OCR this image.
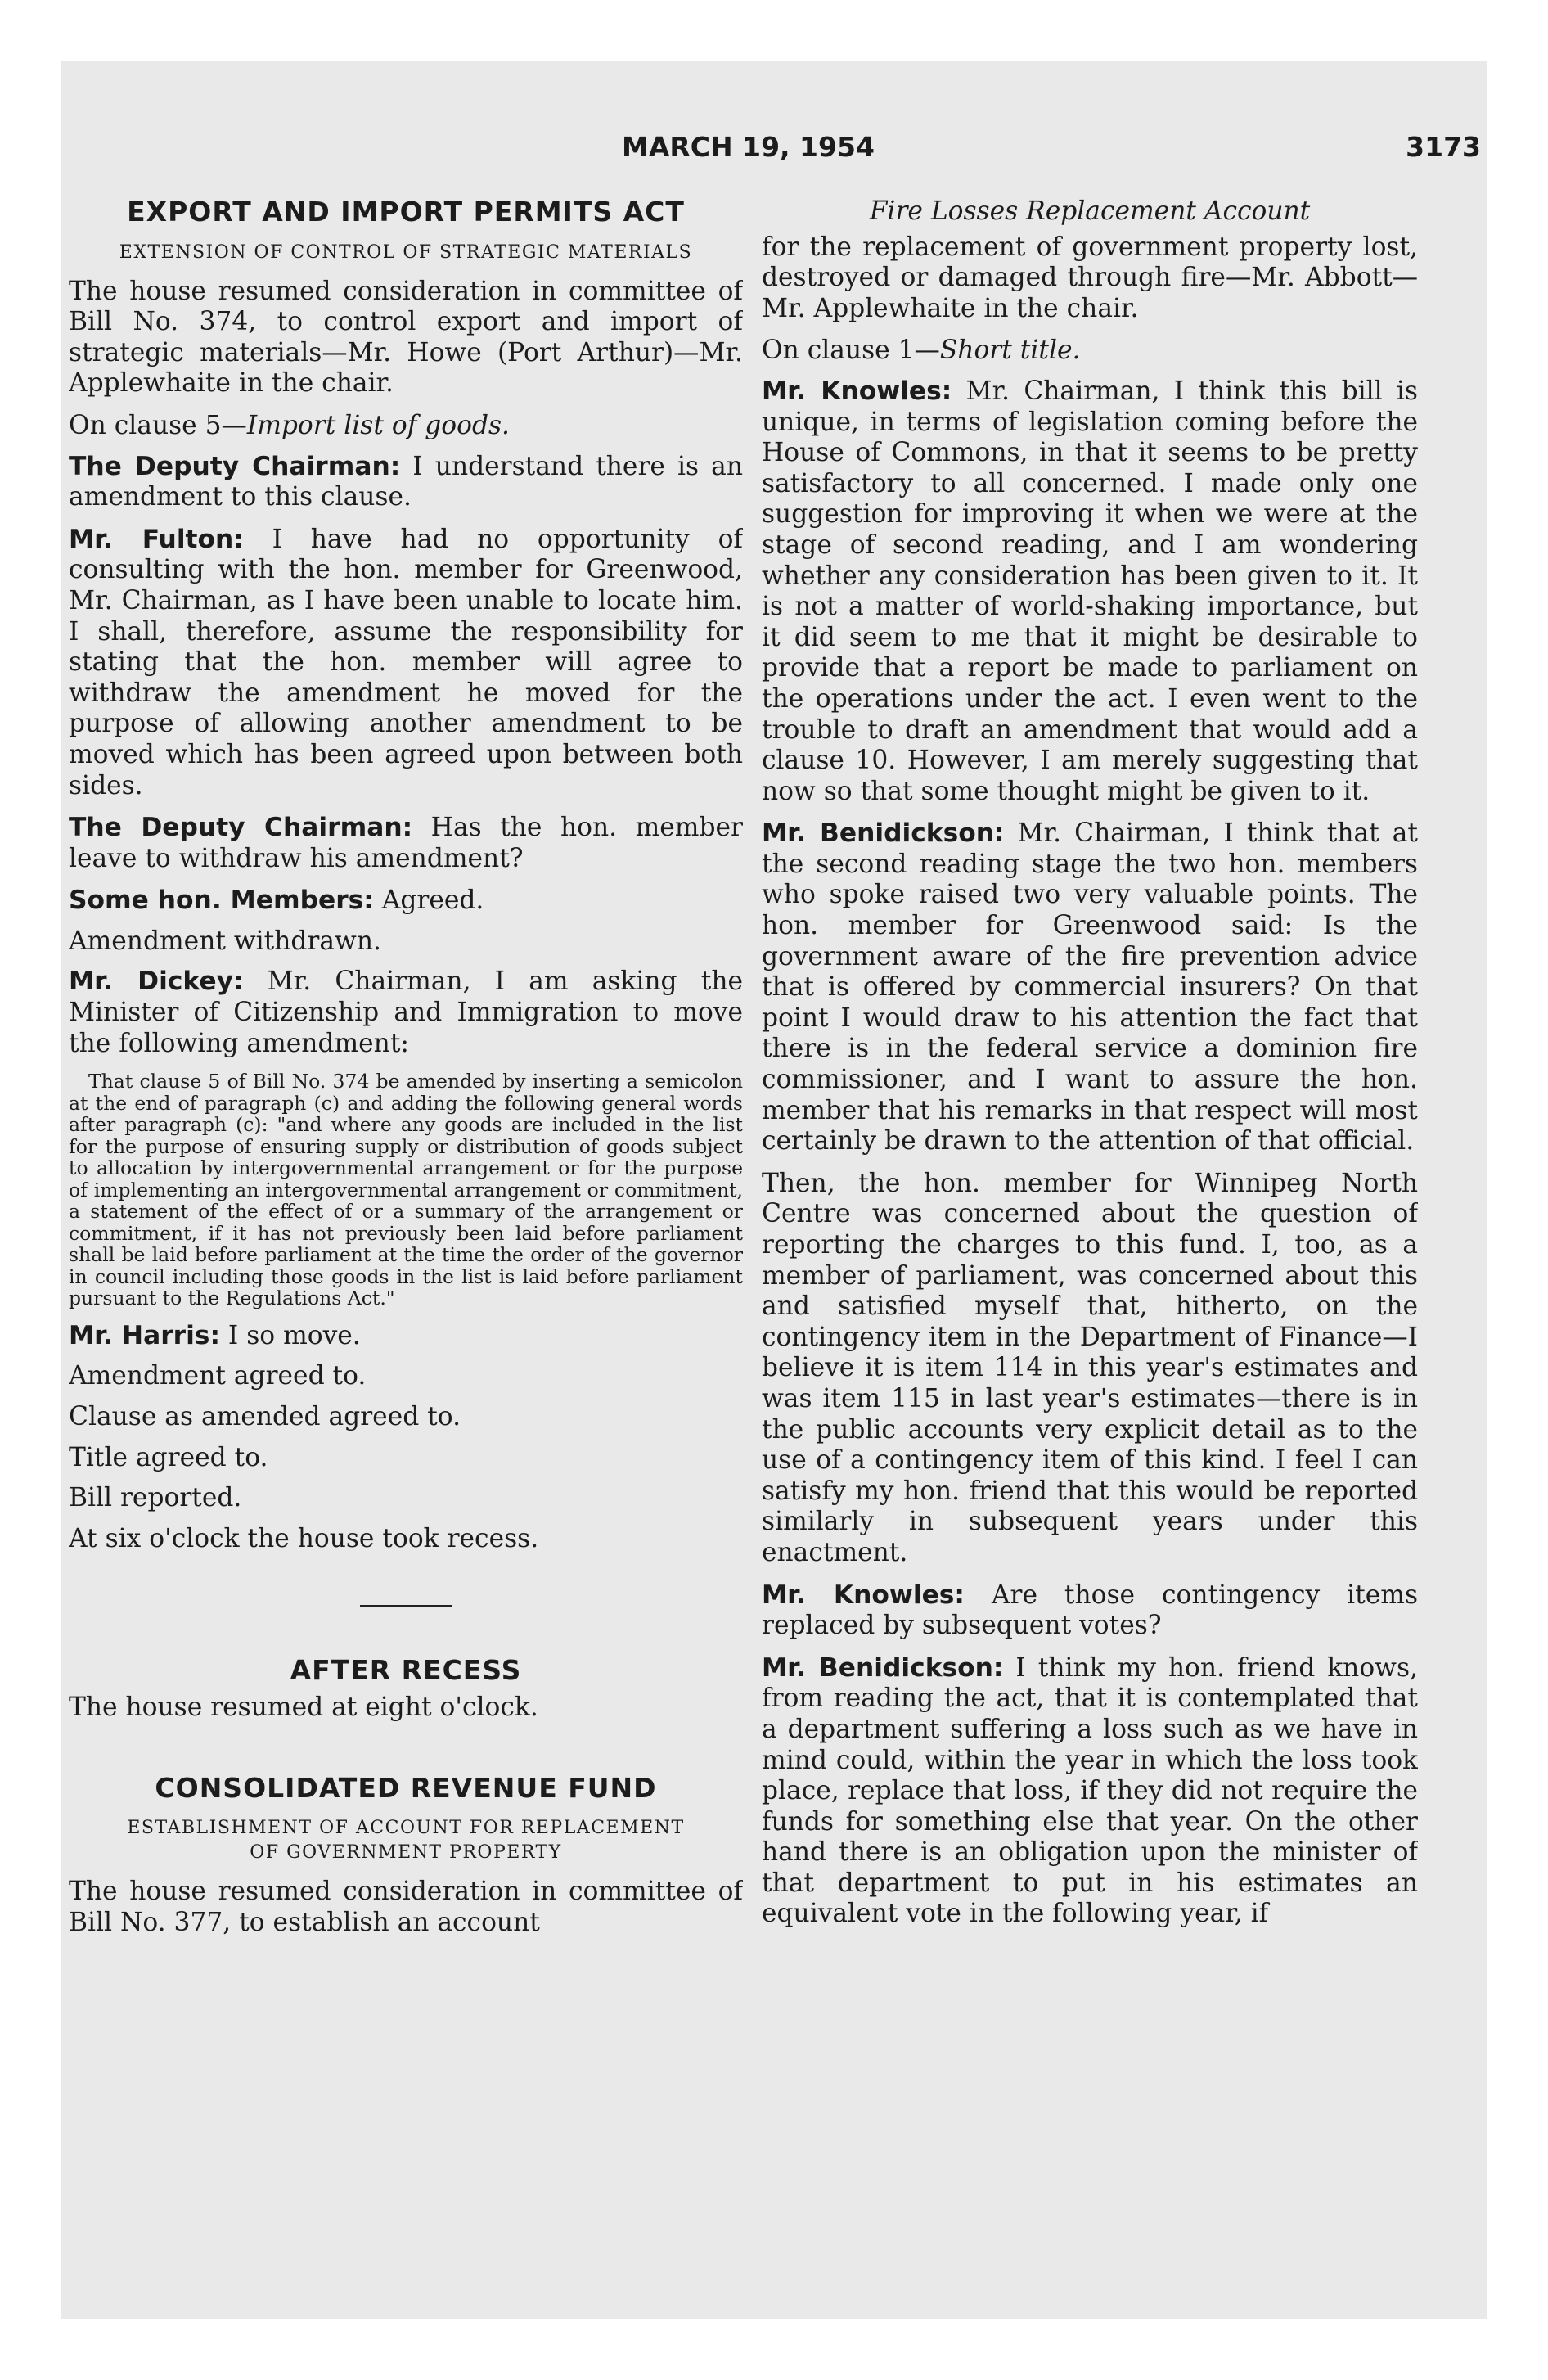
MARCH 19, 1954	3173
EXPORT AND IMPORT PERMITS ACT
EXTENSION OF CONTROL OF STRATEGIC MATERIALS

The house resumed consideration in committee of Bill No. 374, to control export and import of strategic materials—Mr. Howe (Port Arthur)—Mr. Applewhaite in the chair.

On clause 5—Import list of goods.

The Deputy Chairman: I understand there is an amendment to this clause.

Mr. Fulton: I have had no opportunity of consulting with the hon. member for Greenwood, Mr. Chairman, as I have been unable to locate him. I shall, therefore, assume the responsibility for stating that the hon. member will agree to withdraw the amendment he moved for the purpose of allowing another amendment to be moved which has been agreed upon between both sides.

The Deputy Chairman: Has the hon. member leave to withdraw his amendment?

Some hon. Members: Agreed.

Amendment withdrawn.

Mr. Dickey: Mr. Chairman, I am asking the Minister of Citizenship and Immigration to move the following amendment:

That clause 5 of Bill No. 374 be amended by inserting a semicolon at the end of paragraph (c) and adding the following general words after paragraph (c): "and where any goods are included in the list for the purpose of ensuring supply or distribution of goods subject to allocation by intergovernmental arrangement or for the purpose of implementing an intergovernmental arrangement or commitment, a statement of the effect of or a summary of the arrangement or commitment, if it has not previously been laid before parliament shall be laid before parliament at the time the order of the governor in council including those goods in the list is laid before parliament pursuant to the Regulations Act."

Mr. Harris: I so move.

Amendment agreed to.

Clause as amended agreed to.

Title agreed to.

Bill reported.

At six o'clock the house took recess.

AFTER RECESS

The house resumed at eight o'clock.

CONSOLIDATED REVENUE FUND
ESTABLISHMENT OF ACCOUNT FOR REPLACEMENT
OF GOVERNMENT PROPERTY

The house resumed consideration in committee of Bill No. 377, to establish an account

Fire Losses Replacement Account

for the replacement of government property lost, destroyed or damaged through fire—Mr. Abbott—Mr. Applewhaite in the chair.

On clause 1—Short title.

Mr. Knowles: Mr. Chairman, I think this bill is unique, in terms of legislation coming before the House of Commons, in that it seems to be pretty satisfactory to all concerned. I made only one suggestion for improving it when we were at the stage of second reading, and I am wondering whether any consideration has been given to it. It is not a matter of world-shaking importance, but it did seem to me that it might be desirable to provide that a report be made to parliament on the operations under the act. I even went to the trouble to draft an amendment that would add a clause 10. However, I am merely suggesting that now so that some thought might be given to it.

Mr. Benidickson: Mr. Chairman, I think that at the second reading stage the two hon. members who spoke raised two very valuable points. The hon. member for Greenwood said: Is the government aware of the fire prevention advice that is offered by commercial insurers? On that point I would draw to his attention the fact that there is in the federal service a dominion fire commissioner, and I want to assure the hon. member that his remarks in that respect will most certainly be drawn to the attention of that official.

Then, the hon. member for Winnipeg North Centre was concerned about the question of reporting the charges to this fund. I, too, as a member of parliament, was concerned about this and satisfied myself that, hitherto, on the contingency item in the Department of Finance—I believe it is item 114 in this year's estimates and was item 115 in last year's estimates—there is in the public accounts very explicit detail as to the use of a contingency item of this kind. I feel I can satisfy my hon. friend that this would be reported similarly in subsequent years under this enactment.

Mr. Knowles: Are those contingency items replaced by subsequent votes?

Mr. Benidickson: I think my hon. friend knows, from reading the act, that it is contemplated that a department suffering a loss such as we have in mind could, within the year in which the loss took place, replace that loss, if they did not require the funds for something else that year. On the other hand there is an obligation upon the minister of that department to put in his estimates an equivalent vote in the following year, if
